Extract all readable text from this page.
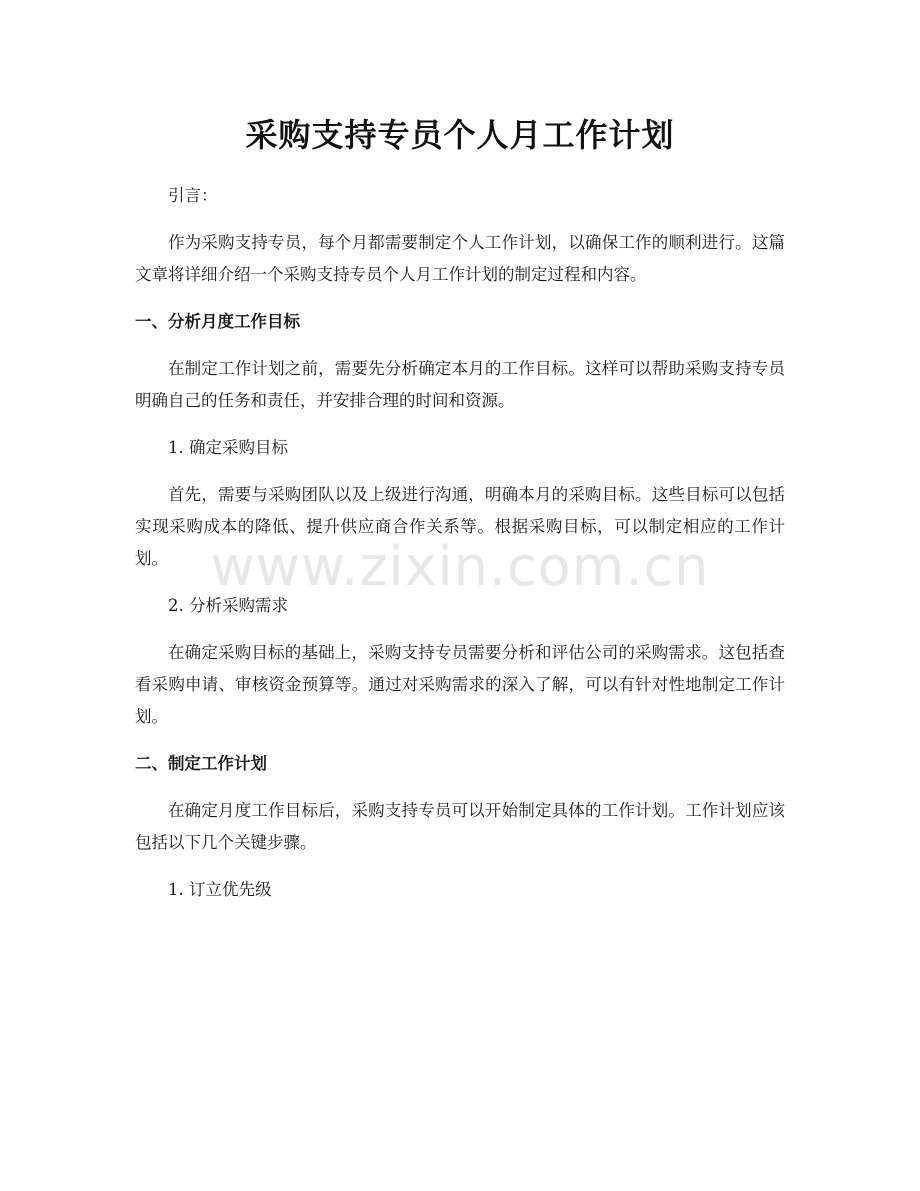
采购支持专员个人月工作计划

引言：

作为采购支持专员，每个月都需要制定个人工作计划，以确保工作的顺利进行。这篇文章将详细介绍一个采购支持专员个人月工作计划的制定过程和内容。

一、分析月度工作目标

在制定工作计划之前，需要先分析确定本月的工作目标。这样可以帮助采购支持专员明确自己的任务和责任，并安排合理的时间和资源。

1. 确定采购目标

首先，需要与采购团队以及上级进行沟通，明确本月的采购目标。这些目标可以包括实现采购成本的降低、提升供应商合作关系等。根据采购目标，可以制定相应的工作计划。

2. 分析采购需求

在确定采购目标的基础上，采购支持专员需要分析和评估公司的采购需求。这包括查看采购申请、审核资金预算等。通过对采购需求的深入了解，可以有针对性地制定工作计划。

二、制定工作计划

在确定月度工作目标后，采购支持专员可以开始制定具体的工作计划。工作计划应该包括以下几个关键步骤。

1. 订立优先级

www.zixin.com.cn
